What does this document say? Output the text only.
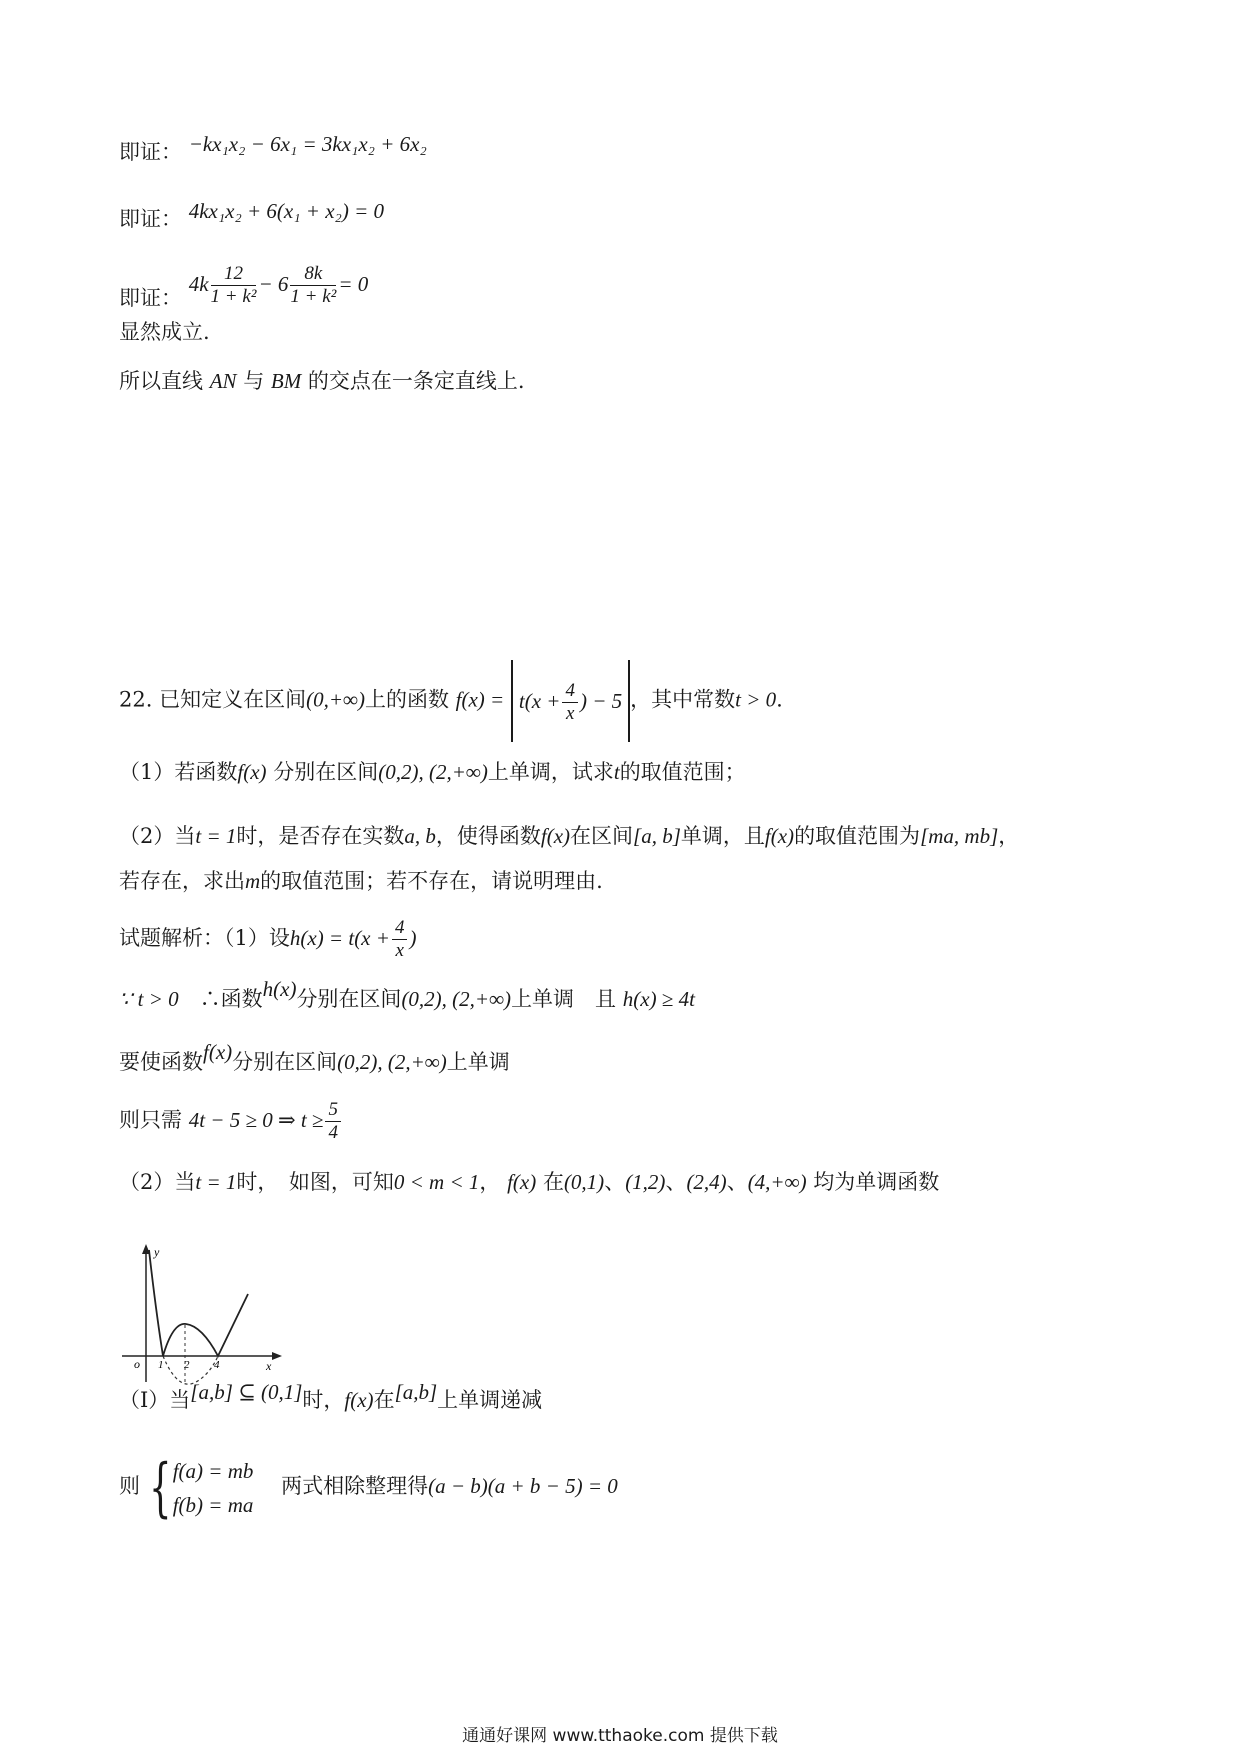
即证： −kx₁x₂ − 6x₁ = 3kx₁x₂ + 6x₂
即证： 4kx₁x₂ + 6(x₁ + x₂) = 0
即证： $4k \frac{12}{\text{1 + k²}} - 6 \frac{8k}{\text{1 + k²}} = 0$
显然成立.
所以直线 AN 与 BM 的交点在一条定直线上.
22. 已知定义在区间(0,+∞)上的函数 $f(x) = t(x + \frac{4}{x}$ ) − 5 ，其中常数t > 0.
（1）若函数f(x) 分别在区间(0,2), (2,+∞)上单调，试求t的取值范围；
（2）当t = 1时，是否存在实数a, b，使得函数f(x)在区间[a, b]单调，且f(x)的取值范围为[ma, mb]，
若存在，求出m的取值范围；若不存在，请说明理由.
试题解析：（1）设$h(x) = t(x + \frac{4}{x}$ )
∵ t > 0　 ∴函数h(x)分别在区间(0,2), (2,+∞)上单调　且 h(x) ≥ 4t
要使函数f(x)分别在区间(0,2), (2,+∞)上单调
则只需 4t − 5 ≥ 0 ⇒ $t \ge \frac{5}{4}$
（2）当t = 1时，　如图，可知0 < m < 1， f(x) 在(0,1)、(1,2)、(2,4)、(4,+∞) 均为单调函数
y
x
o 1 2 4
（Ⅰ）当[a,b] ⊆ (0,1]时，f(x)在[a,b]上单调递减
则 { f(a) = mb
f(b) = ma
　两式相除整理得(a − b)(a + b − 5) = 0
通通好课网 www.tthaoke.com 提供下载
